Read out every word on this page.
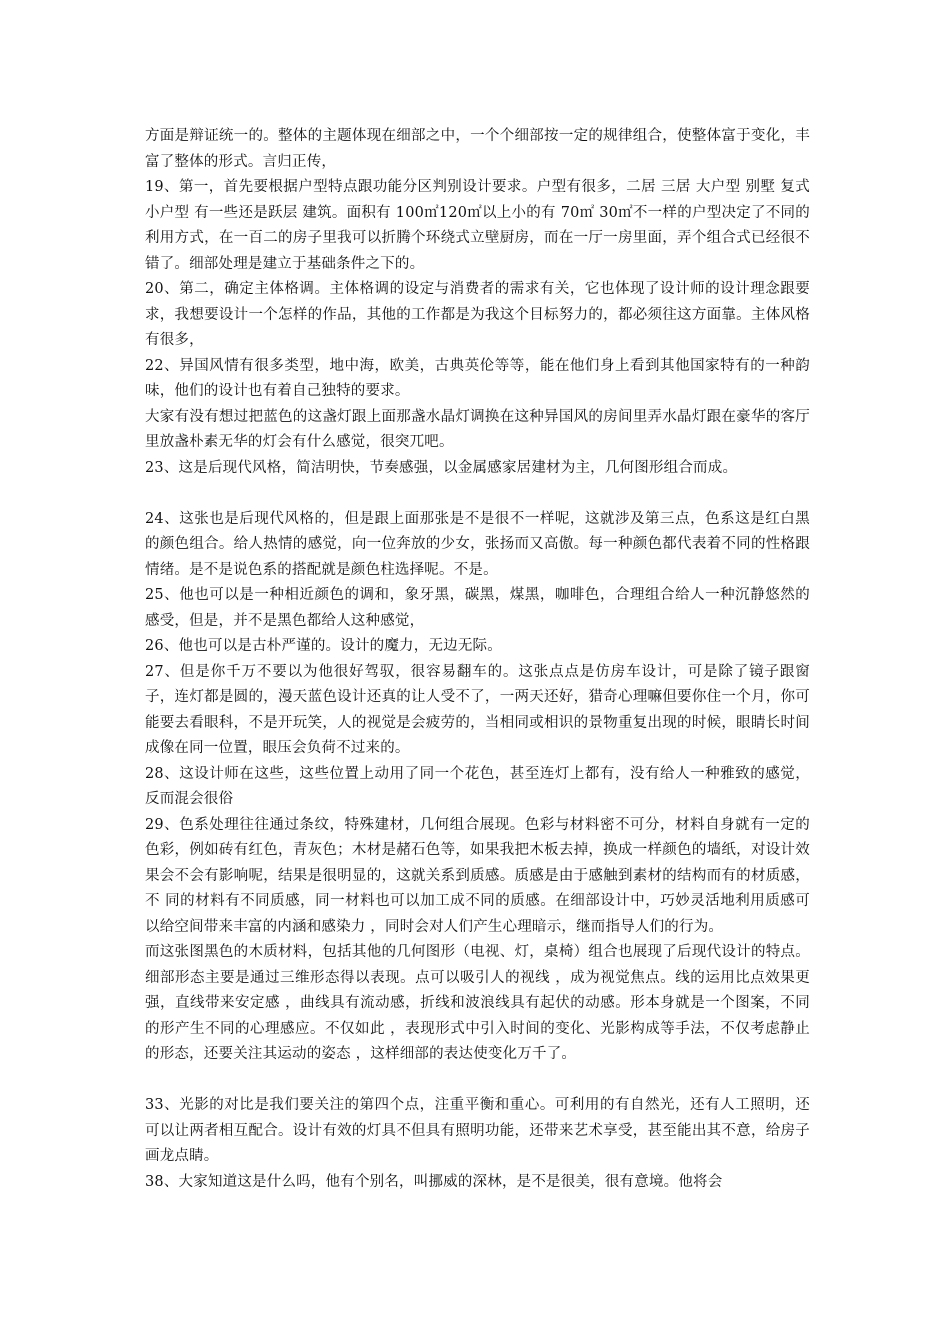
方面是辩证统一的。整体的主题体现在细部之中，一个个细部按一定的规律组合，使整体富于变化，丰富了整体的形式。言归正传，

19、第一，首先要根据户型特点跟功能分区判别设计要求。户型有很多，二居 三居 大户型 别墅 复式小户型 有一些还是跃层 建筑。面积有 100㎡120㎡以上小的有 70㎡ 30㎡不一样的户型决定了不同的利用方式，在一百二的房子里我可以折腾个环绕式立壁厨房，而在一厅一房里面，弄个组合式已经很不错了。细部处理是建立于基础条件之下的。

20、第二，确定主体格调。主体格调的设定与消费者的需求有关，它也体现了设计师的设计理念跟要求，我想要设计一个怎样的作品，其他的工作都是为我这个目标努力的，都必须往这方面靠。主体风格有很多，

22、异国风情有很多类型，地中海，欧美，古典英伦等等，能在他们身上看到其他国家特有的一种韵味，他们的设计也有着自己独特的要求。

大家有没有想过把蓝色的这盏灯跟上面那盏水晶灯调换在这种异国风的房间里弄水晶灯跟在豪华的客厅里放盏朴素无华的灯会有什么感觉，很突兀吧。

23、这是后现代风格，简洁明快，节奏感强，以金属感家居建材为主，几何图形组合而成。

24、这张也是后现代风格的，但是跟上面那张是不是很不一样呢，这就涉及第三点，色系这是红白黑的颜色组合。给人热情的感觉，向一位奔放的少女，张扬而又高傲。每一种颜色都代表着不同的性格跟情绪。是不是说色系的搭配就是颜色柱选择呢。不是。

25、他也可以是一种相近颜色的调和，象牙黑，碳黑，煤黑，咖啡色，合理组合给人一种沉静悠然的感受，但是，并不是黑色都给人这种感觉，

26、他也可以是古朴严谨的。设计的魔力，无边无际。

27、但是你千万不要以为他很好驾驭，很容易翻车的。这张点点是仿房车设计，可是除了镜子跟窗子，连灯都是圆的，漫天蓝色设计还真的让人受不了，一两天还好，猎奇心理嘛但要你住一个月，你可能要去看眼科，不是开玩笑，人的视觉是会疲劳的，当相同或相识的景物重复出现的时候，眼睛长时间成像在同一位置，眼压会负荷不过来的。

28、这设计师在这些，这些位置上动用了同一个花色，甚至连灯上都有，没有给人一种雅致的感觉，反而混会很俗

29、色系处理往往通过条纹，特殊建材，几何组合展现。色彩与材料密不可分，材料自身就有一定的色彩，例如砖有红色，青灰色；木材是赭石色等，如果我把木板去掉，换成一样颜色的墙纸，对设计效果会不会有影响呢，结果是很明显的，这就关系到质感。质感是由于感触到素材的结构而有的材质感，不 同的材料有不同质感，同一材料也可以加工成不同的质感。在细部设计中，巧妙灵活地利用质感可以给空间带来丰富的内涵和感染力 ，同时会对人们产生心理暗示，继而指导人们的行为。

而这张图黑色的木质材料，包括其他的几何图形（电视、灯，桌椅）组合也展现了后现代设计的特点。细部形态主要是通过三维形态得以表现。点可以吸引人的视线 ，成为视觉焦点。线的运用比点效果更强，直线带来安定感 ，曲线具有流动感，折线和波浪线具有起伏的动感。形本身就是一个图案，不同的形产生不同的心理感应。不仅如此 ，表现形式中引入时间的变化、光影构成等手法，不仅考虑静止的形态，还要关注其运动的姿态 ，这样细部的表达使变化万千了。

33、光影的对比是我们要关注的第四个点，注重平衡和重心。可利用的有自然光，还有人工照明，还可以让两者相互配合。设计有效的灯具不但具有照明功能，还带来艺术享受，甚至能出其不意，给房子画龙点睛。

38、大家知道这是什么吗，他有个别名，叫挪威的深林，是不是很美，很有意境。他将会
